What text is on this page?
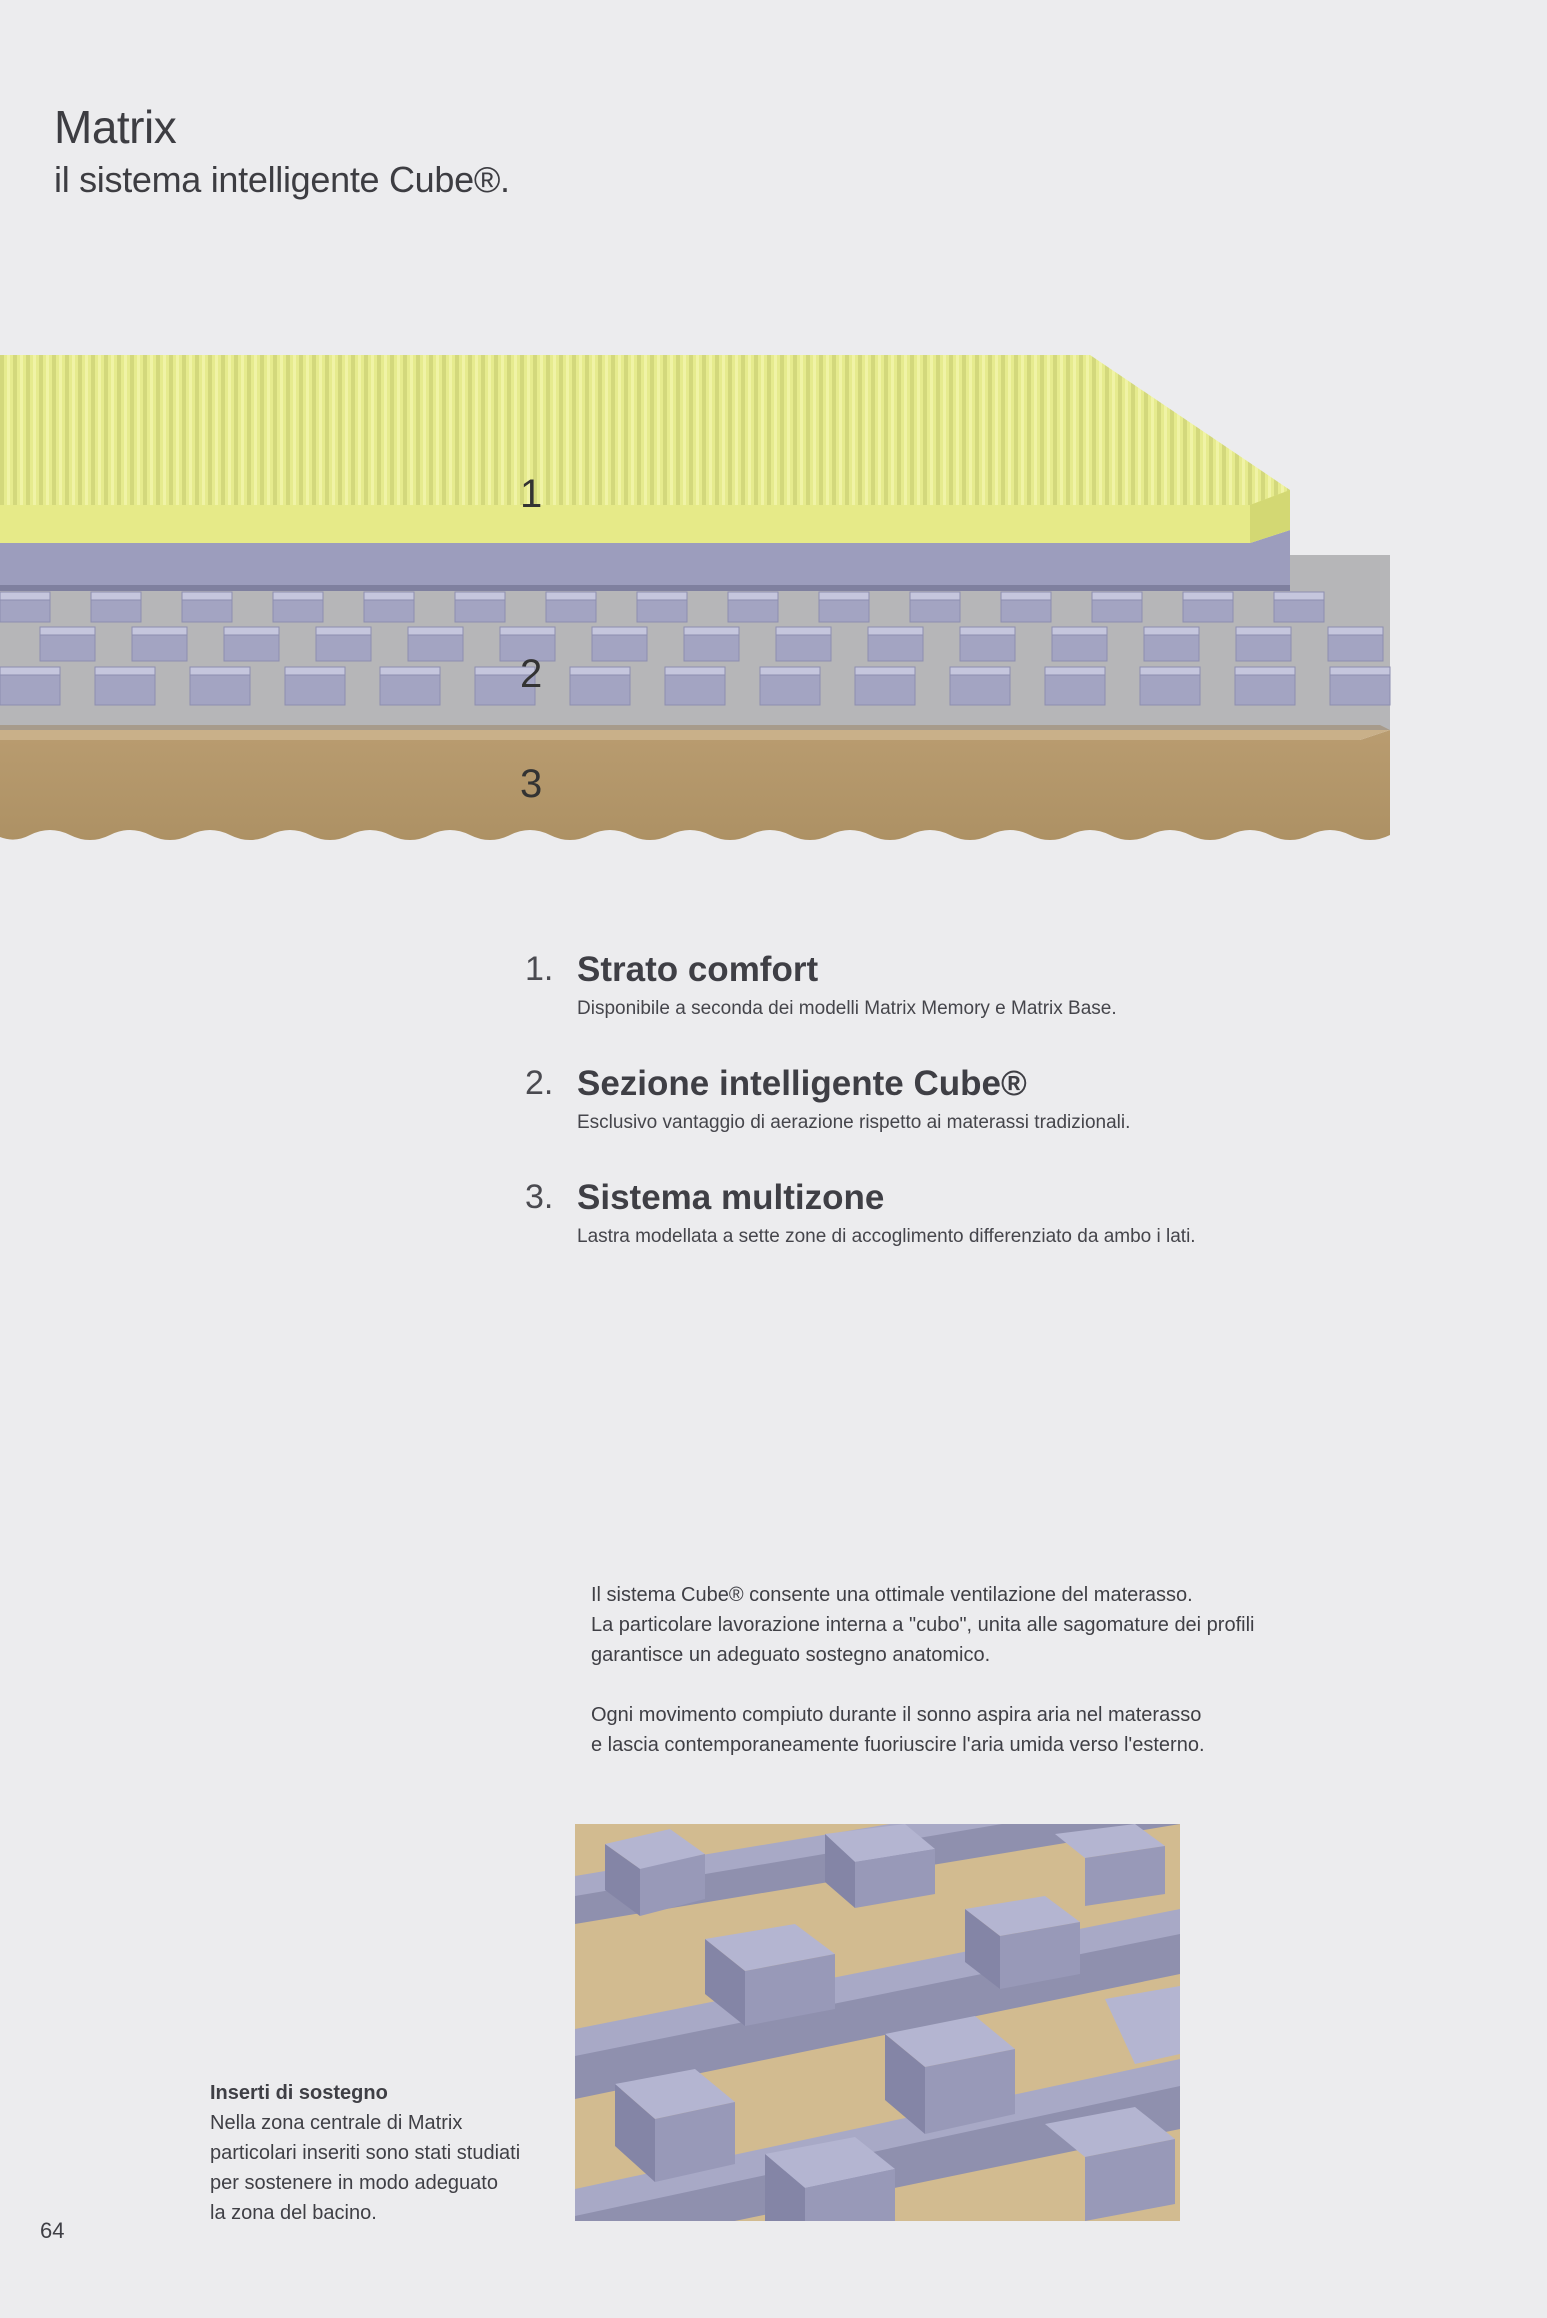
Matrix
il sistema intelligente Cube®.
1
2
3
1. Strato comfort
Disponibile a seconda dei modelli Matrix Memory e Matrix Base.
2. Sezione intelligente Cube®
Esclusivo vantaggio di aerazione rispetto ai materassi tradizionali.
3. Sistema multizone
Lastra modellata a sette zone di accoglimento differenziato da ambo i lati.
Il sistema Cube® consente una ottimale ventilazione del materasso.
La particolare lavorazione interna a "cubo", unita alle sagomature dei profili
garantisce un adeguato sostegno anatomico.
Ogni movimento compiuto durante il sonno aspira aria nel materasso
e lascia contemporaneamente fuoriuscire l'aria umida verso l'esterno.
Inserti di sostegno
Nella zona centrale di Matrix
particolari inseriti sono stati studiati
per sostenere in modo adeguato
la zona del bacino.
64
